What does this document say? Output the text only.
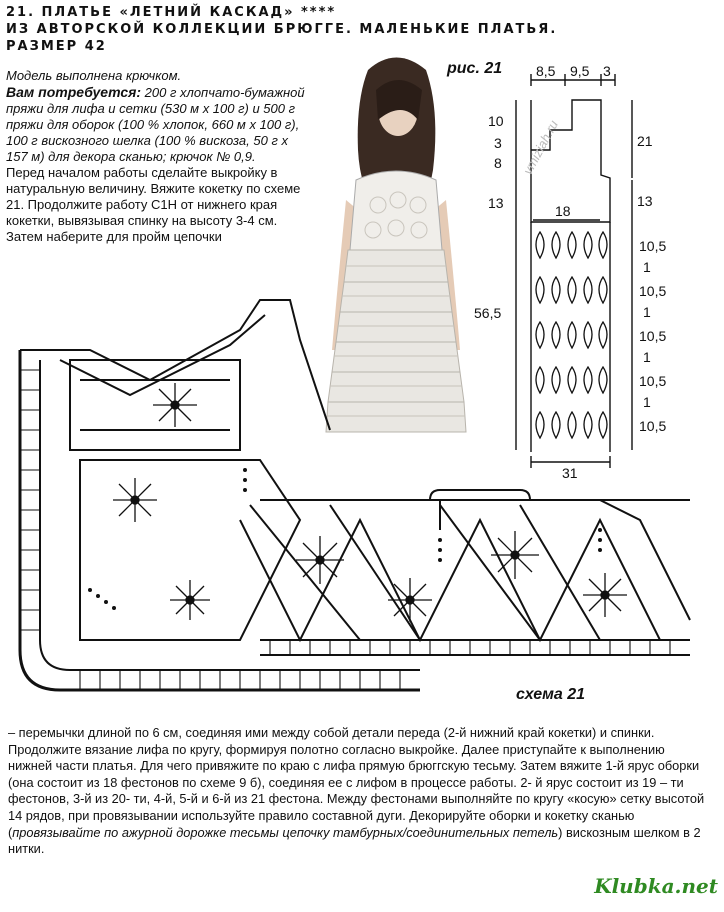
21. ПЛАТЬЕ «ЛЕТНИЙ КАСКАД» ****
ИЗ АВТОРСКОЙ КОЛЛЕКЦИИ БРЮГГЕ. МАЛЕНЬКИЕ ПЛАТЬЯ.
РАЗМЕР 42
Модель выполнена крючком.
Вам потребуется: 200 г хлопчато-бумажной пряжи для лифа и сетки (530 м х 100 г) и 500 г пряжи для оборок (100 % хлопок, 660 м х 100 г), 100 г вискозного шелка (100 % вискоза, 50 г х 157 м) для декора сканью; крючок № 0,9.
Перед началом работы сделайте выкройку в натуральную величину. Вяжите кокетку по схеме 21. Продолжите работу С1Н от нижнего края кокетки, вывязывая спинку на высоту 3-4 см. Затем наберите для пройм цепочки
рис. 21 8,5 9,5 3
10
3
8
13
21
13
18
56,5
31
10,5
1
10,5
1
10,5
1
10,5
1
10,5
vmiziah.ru
схема 21
– перемычки длиной по 6 см, соединяя ими между собой детали переда (2-й нижний край кокетки) и спинки. Продолжите вязание лифа по кругу, формируя полотно согласно выкройке. Далее приступайте к выполнению нижней части платья. Для чего привяжите по краю с лифа прямую брюггскую тесьму. Затем вяжите 1-й ярус оборки (она состоит из 18 фестонов по схеме 9 б), соединяя ее с лифом в процессе работы. 2- й ярус состоит из 19 – ти фестонов, 3-й из 20- ти, 4-й, 5-й и 6-й из 21 фестона. Между фестонами выполняйте по кругу «косую» сетку высотой 14 рядов, при провязывании используйте правило составной дуги. Декорируйте оборки и кокетку сканью (провязывайте по ажурной дорожке тесьмы цепочку тамбурных/соединительных петель) вискозным шелком в 2 нитки.
Klubka.net
